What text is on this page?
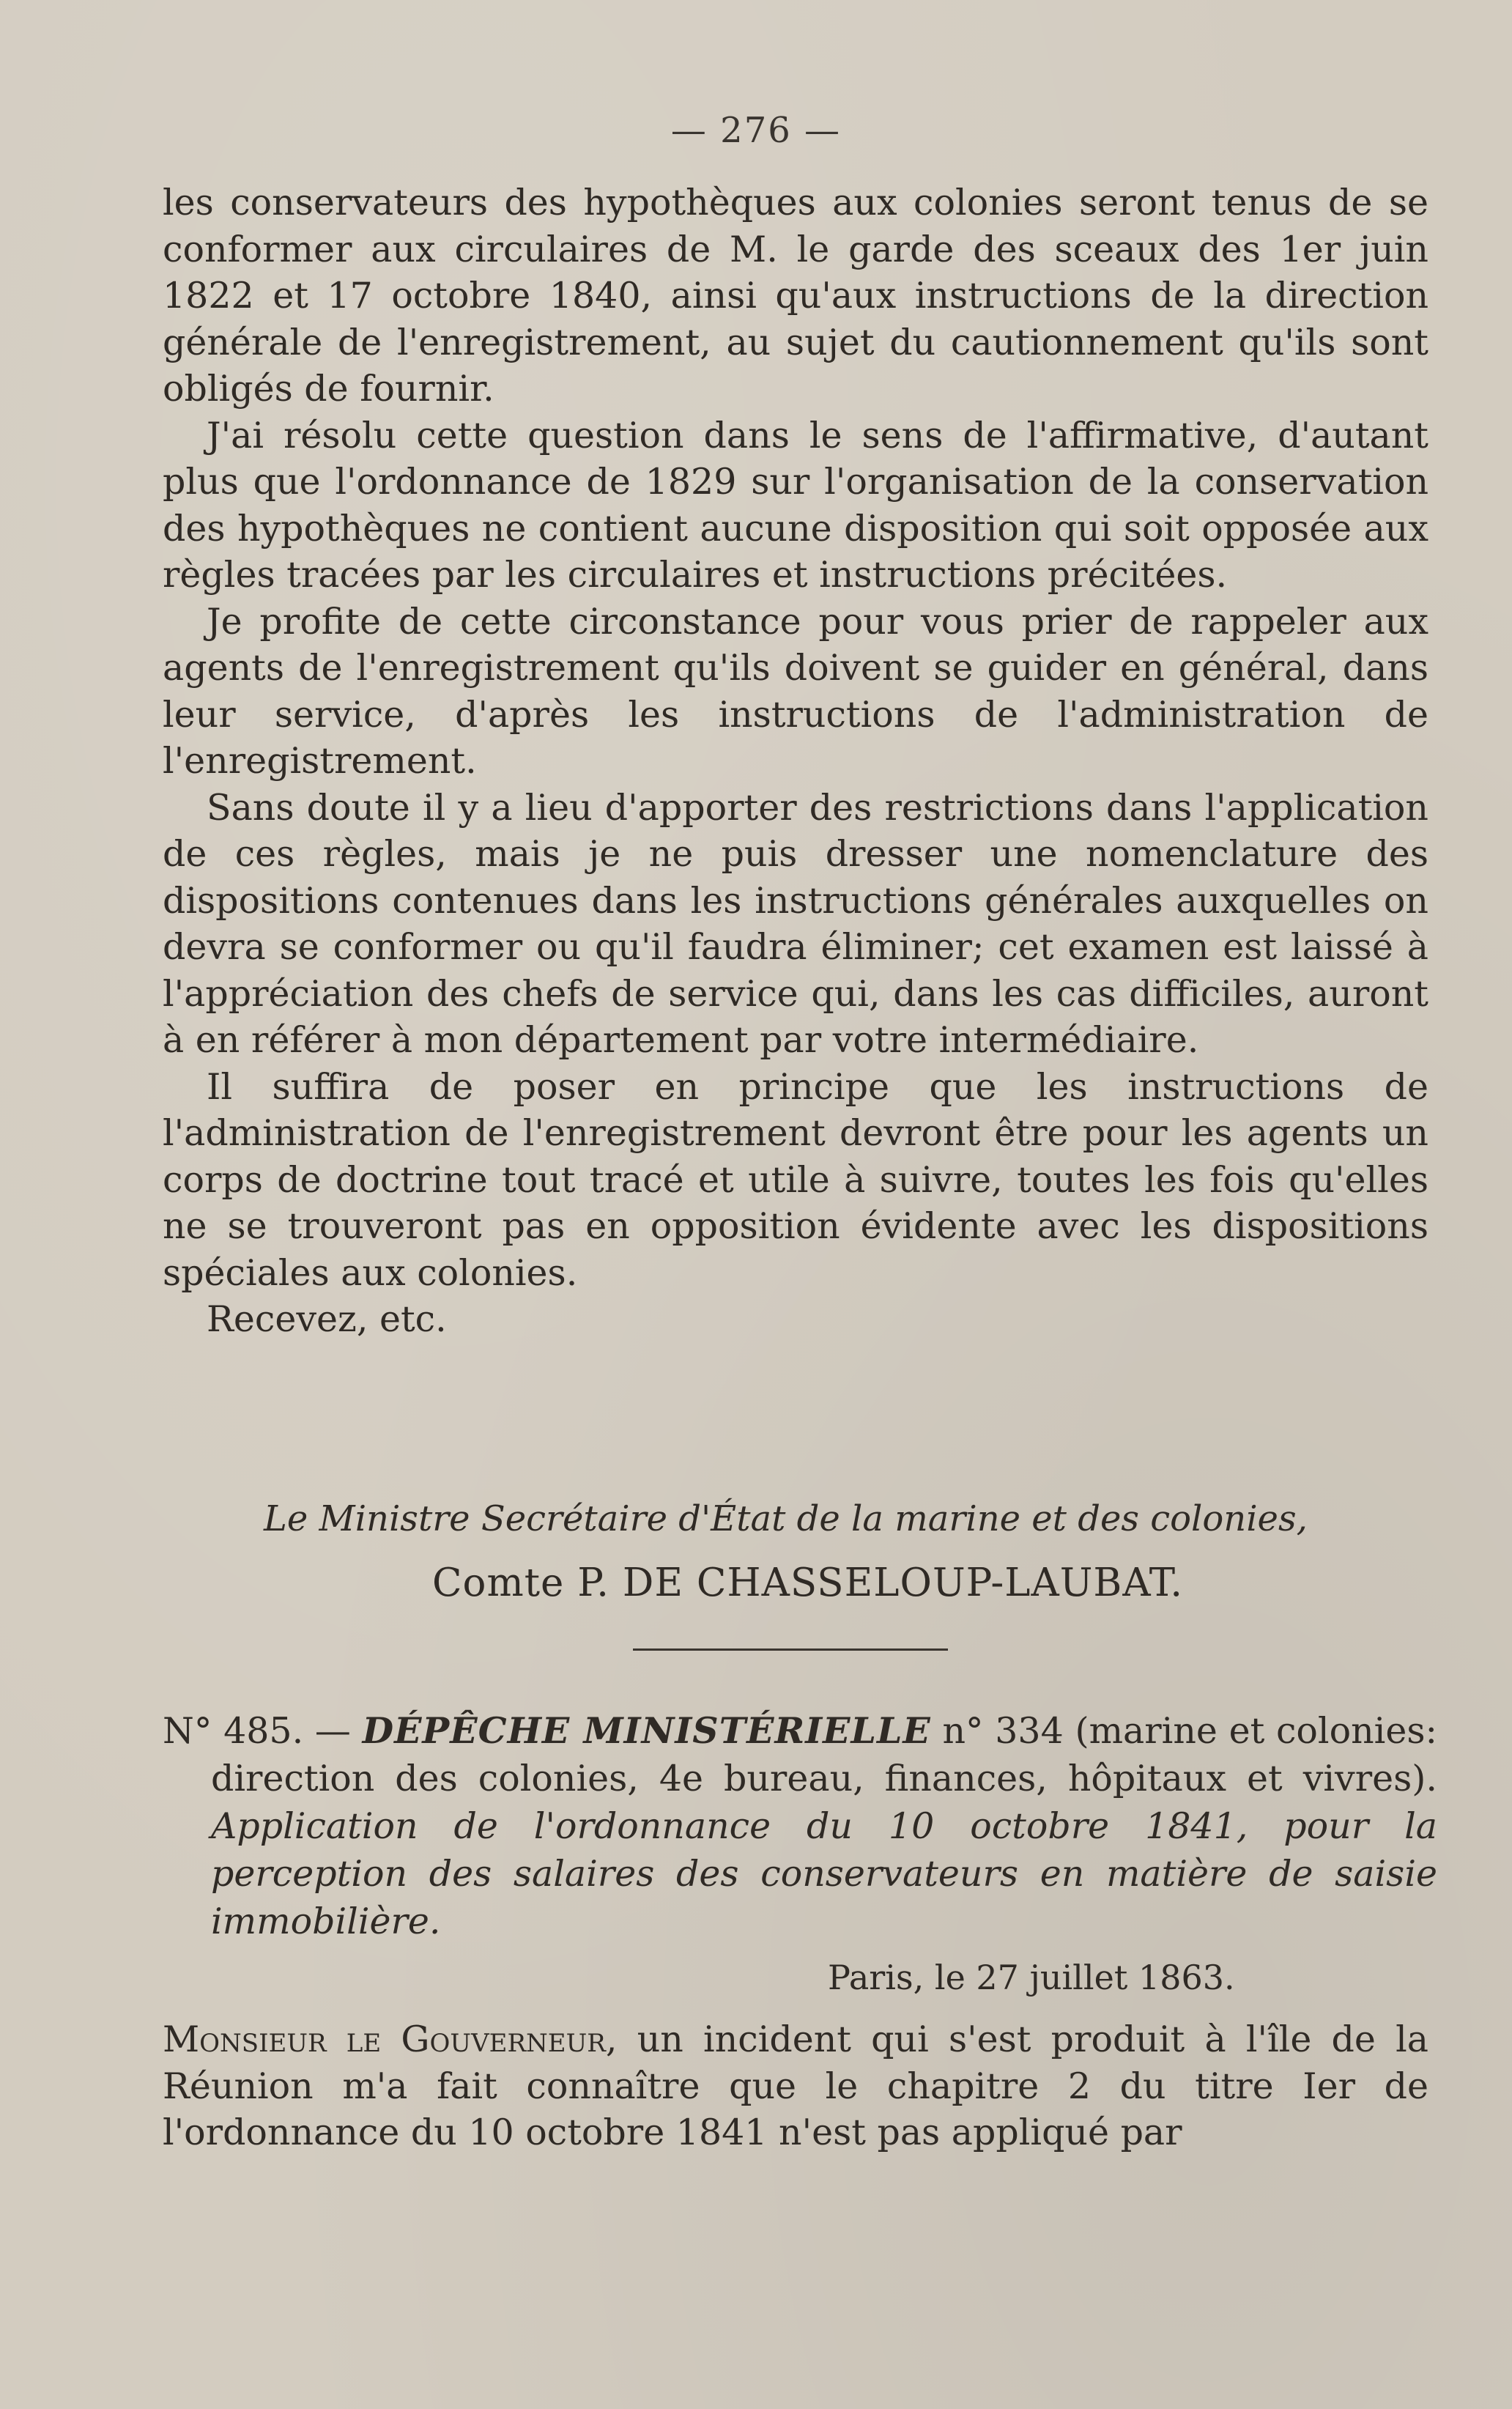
— 276 —

les conservateurs des hypothèques aux colonies seront tenus de se conformer aux circulaires de M. le garde des sceaux des 1er juin 1822 et 17 octobre 1840, ainsi qu'aux instructions de la direction générale de l'enregistrement, au sujet du cautionnement qu'ils sont obligés de fournir.

J'ai résolu cette question dans le sens de l'affirmative, d'autant plus que l'ordonnance de 1829 sur l'organisation de la conservation des hypothèques ne contient aucune disposition qui soit opposée aux règles tracées par les circulaires et instructions précitées.

Je profite de cette circonstance pour vous prier de rappeler aux agents de l'enregistrement qu'ils doivent se guider en général, dans leur service, d'après les instructions de l'administration de l'enregistrement.

Sans doute il y a lieu d'apporter des restrictions dans l'application de ces règles, mais je ne puis dresser une nomenclature des dispositions contenues dans les instructions générales auxquelles on devra se conformer ou qu'il faudra éliminer; cet examen est laissé à l'appréciation des chefs de service qui, dans les cas difficiles, auront à en référer à mon département par votre intermédiaire.

Il suffira de poser en principe que les instructions de l'administration de l'enregistrement devront être pour les agents un corps de doctrine tout tracé et utile à suivre, toutes les fois qu'elles ne se trouveront pas en opposition évidente avec les dispositions spéciales aux colonies.

Recevez, etc.

Le Ministre Secrétaire d'État de la marine et des colonies,
Comte P. DE CHASSELOUP-LAUBAT.

N° 485. — DÉPÊCHE MINISTÉRIELLE n° 334 (marine et colonies: direction des colonies, 4e bureau, finances, hôpitaux et vivres). Application de l'ordonnance du 10 octobre 1841, pour la perception des salaires des conservateurs en matière de saisie immobilière.

Paris, le 27 juillet 1863.

Monsieur le Gouverneur, un incident qui s'est produit à l'île de la Réunion m'a fait connaître que le chapitre 2 du titre Ier de l'ordonnance du 10 octobre 1841 n'est pas appliqué par
